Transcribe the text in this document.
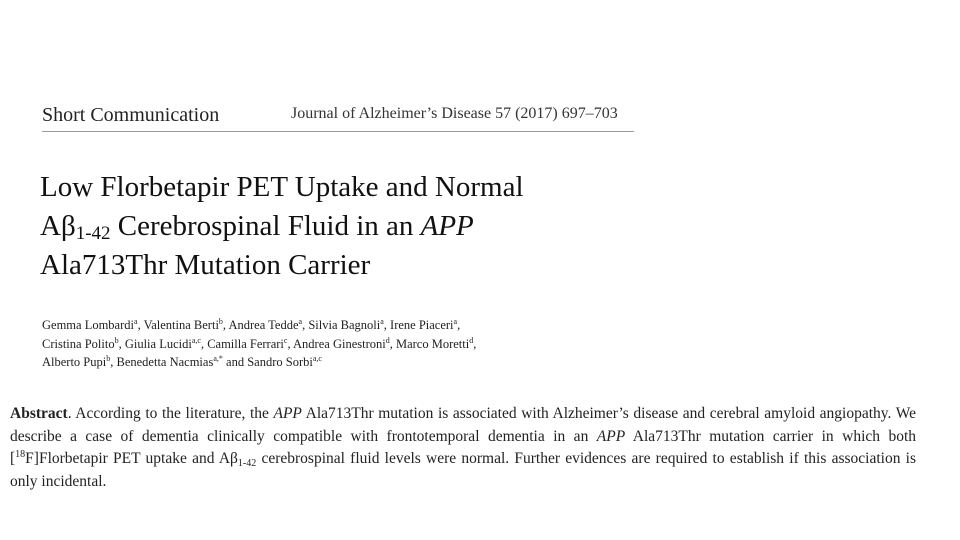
Short Communication	Journal of Alzheimer’s Disease 57 (2017) 697–703
Low Florbetapir PET Uptake and Normal
$A\beta_{1-42}$ Cerebrospinal Fluid in an APP
Ala713Thr Mutation Carrier
Gemma Lombardi$^a$, Valentina Berti$^b$, Andrea Tedde$^a$, Silvia Bagnoli$^a$, Irene Piaceri$^a$,
Cristina Polito$^b$, Giulia Lucidi$^{a,c}$, Camilla Ferrari$^c$, Andrea Ginestroni$^d$, Marco Moretti$^d$,
Alberto Pupi$^b$, Benedetta Nacmias$^{a,*}$ and Sandro Sorbi$^{a,c}$
Abstract. According to the literature, the APP Ala713Thr mutation is associated with Alzheimer’s disease and cerebral amyloid angiopathy. We describe a case of dementia clinically compatible with frontotemporal dementia in an APP Ala713Thr mutation carrier in which both [$^{18}$F]Florbetapir PET uptake and $A\beta_{1-42}$ cerebrospinal fluid levels were normal. Further evidences are required to establish if this association is only incidental.
